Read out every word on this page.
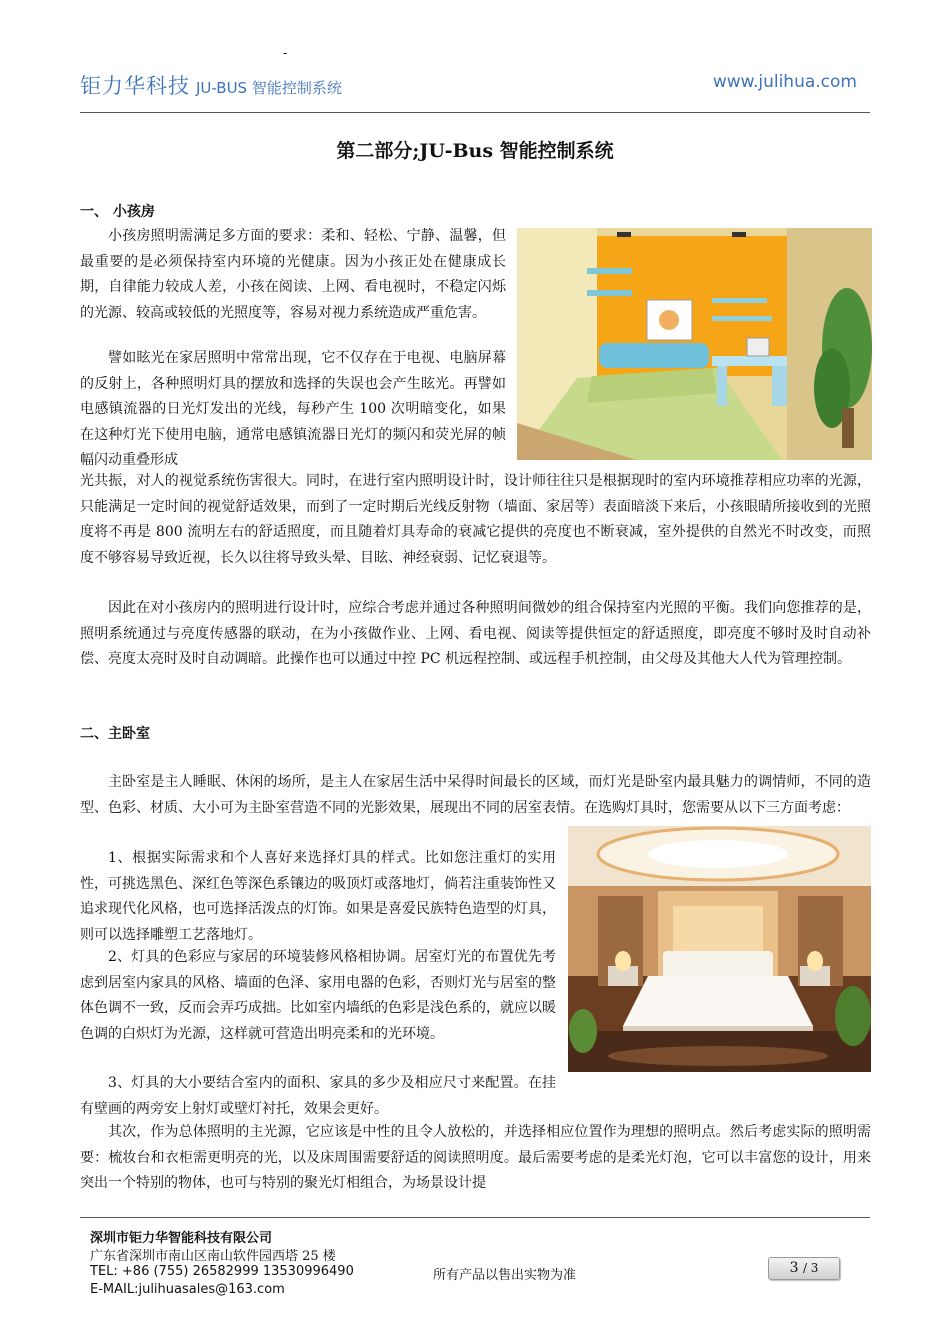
-
钜力华科技 JU-BUS 智能控制系统	www.julihua.com
第二部分;JU-Bus 智能控制系统
一、 小孩房
小孩房照明需满足多方面的要求：柔和、轻松、宁静、温馨，但最重要的是必须保持室内环境的光健康。因为小孩正处在健康成长期，自律能力较成人差，小孩在阅读、上网、看电视时，不稳定闪烁的光源、较高或较低的光照度等，容易对视力系统造成严重危害。
譬如眩光在家居照明中常常出现，它不仅存在于电视、电脑屏幕的反射上，各种照明灯具的摆放和选择的失误也会产生眩光。再譬如电感镇流器的日光灯发出的光线，每秒产生 100 次明暗变化，如果在这种灯光下使用电脑，通常电感镇流器日光灯的频闪和荧光屏的帧幅闪动重叠形成
光共振，对人的视觉系统伤害很大。同时，在进行室内照明设计时，设计师往往只是根据现时的室内环境推荐相应功率的光源，只能满足一定时间的视觉舒适效果，而到了一定时期后光线反射物（墙面、家居等）表面暗淡下来后，小孩眼睛所接收到的光照度将不再是 800 流明左右的舒适照度，而且随着灯具寿命的衰减它提供的亮度也不断衰减，室外提供的自然光不时改变，而照度不够容易导致近视，长久以往将导致头晕、目眩、神经衰弱、记忆衰退等。
因此在对小孩房内的照明进行设计时，应综合考虑并通过各种照明间微妙的组合保持室内光照的平衡。我们向您推荐的是，照明系统通过与亮度传感器的联动，在为小孩做作业、上网、看电视、阅读等提供恒定的舒适照度，即亮度不够时及时自动补偿、亮度太亮时及时自动调暗。此操作也可以通过中控 PC 机远程控制、或远程手机控制，由父母及其他大人代为管理控制。
二、主卧室
主卧室是主人睡眠、休闲的场所，是主人在家居生活中呆得时间最长的区域，而灯光是卧室内最具魅力的调情师，不同的造型、色彩、材质、大小可为主卧室营造不同的光影效果，展现出不同的居室表情。在选购灯具时，您需要从以下三方面考虑：
1、根据实际需求和个人喜好来选择灯具的样式。比如您注重灯的实用性，可挑选黑色、深红色等深色系镶边的吸顶灯或落地灯，倘若注重装饰性又追求现代化风格，也可选择活泼点的灯饰。如果是喜爱民族特色造型的灯具，则可以选择雕塑工艺落地灯。
2、灯具的色彩应与家居的环境装修风格相协调。居室灯光的布置优先考虑到居室内家具的风格、墙面的色泽、家用电器的色彩，否则灯光与居室的整体色调不一致，反而会弄巧成拙。比如室内墙纸的色彩是浅色系的，就应以暖色调的白炽灯为光源，这样就可营造出明亮柔和的光环境。
3、灯具的大小要结合室内的面积、家具的多少及相应尺寸来配置。在挂有壁画的两旁安上射灯或壁灯衬托，效果会更好。
其次，作为总体照明的主光源，它应该是中性的且令人放松的，并选择相应位置作为理想的照明点。然后考虑实际的照明需要：梳妆台和衣柜需更明亮的光，以及床周围需要舒适的阅读照明度。最后需要考虑的是柔光灯泡，它可以丰富您的设计，用来突出一个特别的物体，也可与特别的聚光灯相组合，为场景设计提
深圳市钜力华智能科技有限公司
广东省深圳市南山区南山软件园西塔 25 楼
TEL: +86 (755) 26582999 13530996490
E-MAIL:julihuasales@163.com
所有产品以售出实物为准	3 / 3
